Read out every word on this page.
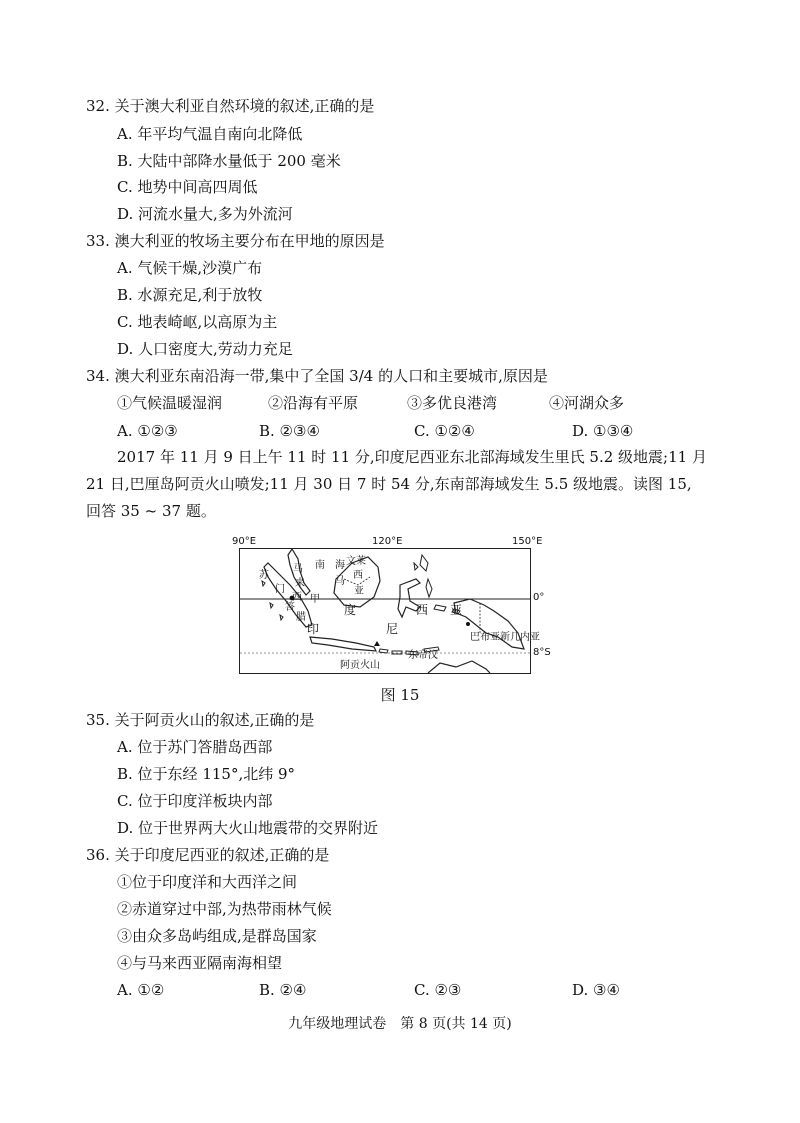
32. 关于澳大利亚自然环境的叙述,正确的是
A. 年平均气温自南向北降低
B. 大陆中部降水量低于 200 毫米
C. 地势中间高四周低
D. 河流水量大,多为外流河
33. 澳大利亚的牧场主要分布在甲地的原因是
A. 气候干燥,沙漠广布
B. 水源充足,利于放牧
C. 地表崎岖,以高原为主
D. 人口密度大,劳动力充足
34. 澳大利亚东南沿海一带,集中了全国 3/4 的人口和主要城市,原因是
①气候温暖湿润	②沿海有平原	③多优良港湾	④河湖众多
A. ①②③	B. ②③④	C. ①②④	D. ①③④
2017 年 11 月 9 日上午 11 时 11 分,印度尼西亚东北部海域发生里氏 5.2 级地震;11 月
21 日,巴厘岛阿贡火山喷发;11 月 30 日 7 时 54 分,东南部海域发生 5.5 级地震。读图 15,
回答 35 ~ 37 题。
90°E	120°E	150°E
0°
8°S
苏
马
来
门
西
答
甲
腊
南　海 文莱
马
西
亚
印
度
尼
西 亚
巴布亚新几内亚
东帝汶
阿贡火山
图 15
35. 关于阿贡火山的叙述,正确的是
A. 位于苏门答腊岛西部
B. 位于东经 115°,北纬 9°
C. 位于印度洋板块内部
D. 位于世界两大火山地震带的交界附近
36. 关于印度尼西亚的叙述,正确的是
①位于印度洋和大西洋之间
②赤道穿过中部,为热带雨林气候
③由众多岛屿组成,是群岛国家
④与马来西亚隔南海相望
A. ①②	B. ②④	C. ②③	D. ③④
九年级地理试卷　第 8 页(共 14 页)
